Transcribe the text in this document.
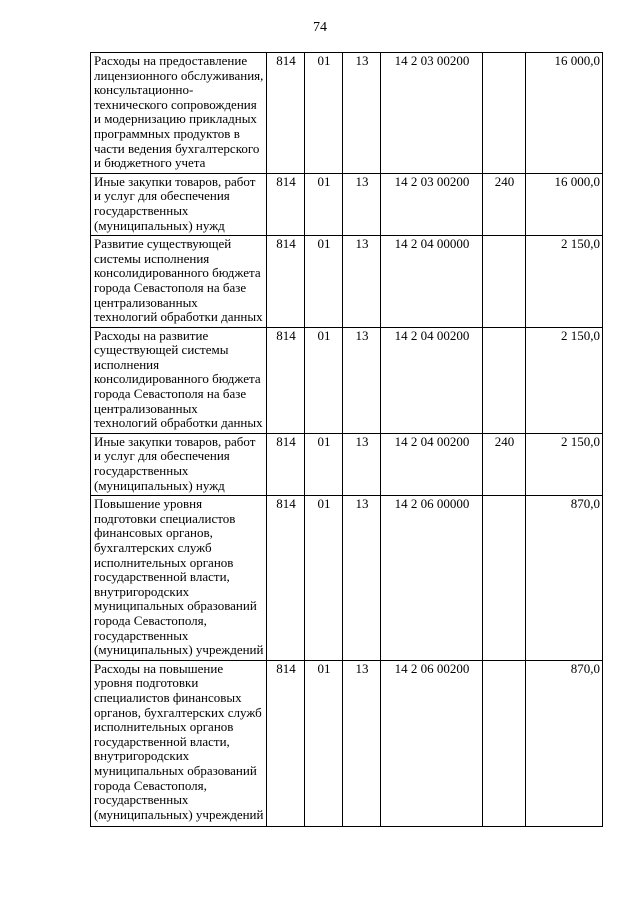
74
Расходы на предоставление лицензионного обслуживания, консультационно-технического сопровождения и модернизацию прикладных программных продуктов в части ведения бухгалтерского и бюджетного учета	814	01	13	14 2 03 00200		16 000,0
Иные закупки товаров, работ и услуг для обеспечения государственных (муниципальных) нужд	814	01	13	14 2 03 00200	240	16 000,0
Развитие существующей системы исполнения консолидированного бюджета города Севастополя на базе централизованных технологий обработки данных	814	01	13	14 2 04 00000		2 150,0
Расходы на развитие существующей системы исполнения консолидированного бюджета города Севастополя на базе централизованных технологий обработки данных	814	01	13	14 2 04 00200		2 150,0
Иные закупки товаров, работ и услуг для обеспечения государственных (муниципальных) нужд	814	01	13	14 2 04 00200	240	2 150,0
Повышение уровня подготовки специалистов финансовых органов, бухгалтерских служб исполнительных органов государственной власти, внутригородских муниципальных образований города Севастополя, государственных (муниципальных) учреждений	814	01	13	14 2 06 00000		870,0
Расходы на повышение уровня подготовки специалистов финансовых органов, бухгалтерских служб исполнительных органов государственной власти, внутригородских муниципальных образований города Севастополя, государственных (муниципальных) учреждений	814	01	13	14 2 06 00200		870,0
